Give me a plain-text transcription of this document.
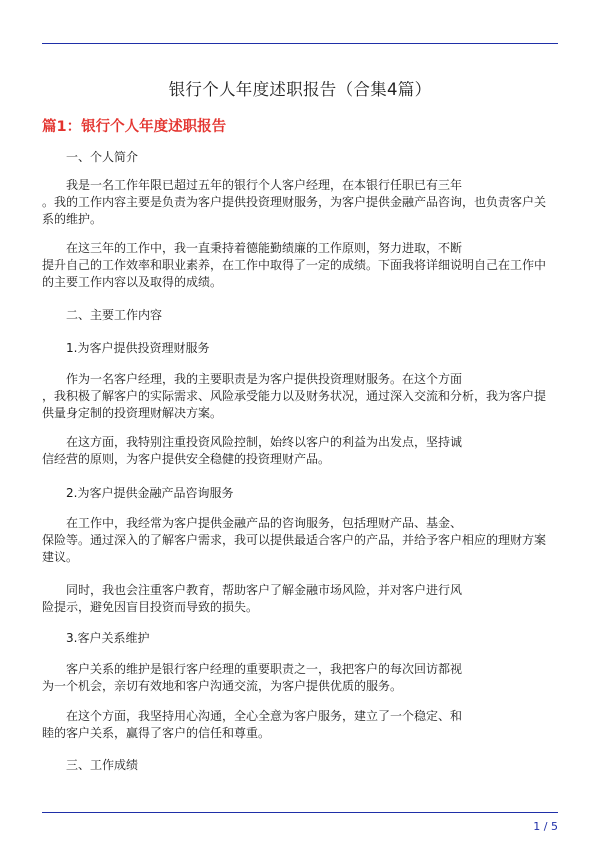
银行个人年度述职报告（合集4篇）
篇1：银行个人年度述职报告
一、个人简介
我是一名工作年限已超过五年的银行个人客户经理，在本银行任职已有三年
。我的工作内容主要是负责为客户提供投资理财服务，为客户提供金融产品咨询，也负责客户关
系的维护。
在这三年的工作中，我一直秉持着德能勤绩廉的工作原则，努力进取，不断
提升自己的工作效率和职业素养，在工作中取得了一定的成绩。下面我将详细说明自己在工作中
的主要工作内容以及取得的成绩。
二、主要工作内容
1.为客户提供投资理财服务
作为一名客户经理，我的主要职责是为客户提供投资理财服务。在这个方面
，我积极了解客户的实际需求、风险承受能力以及财务状况，通过深入交流和分析，我为客户提
供量身定制的投资理财解决方案。
在这方面，我特别注重投资风险控制，始终以客户的利益为出发点，坚持诚
信经营的原则，为客户提供安全稳健的投资理财产品。
2.为客户提供金融产品咨询服务
在工作中，我经常为客户提供金融产品的咨询服务，包括理财产品、基金、
保险等。通过深入的了解客户需求，我可以提供最适合客户的产品，并给予客户相应的理财方案
建议。
同时，我也会注重客户教育，帮助客户了解金融市场风险，并对客户进行风
险提示，避免因盲目投资而导致的损失。
3.客户关系维护
客户关系的维护是银行客户经理的重要职责之一，我把客户的每次回访都视
为一个机会，亲切有效地和客户沟通交流，为客户提供优质的服务。
在这个方面，我坚持用心沟通，全心全意为客户服务，建立了一个稳定、和
睦的客户关系，赢得了客户的信任和尊重。
三、工作成绩
1 / 5
